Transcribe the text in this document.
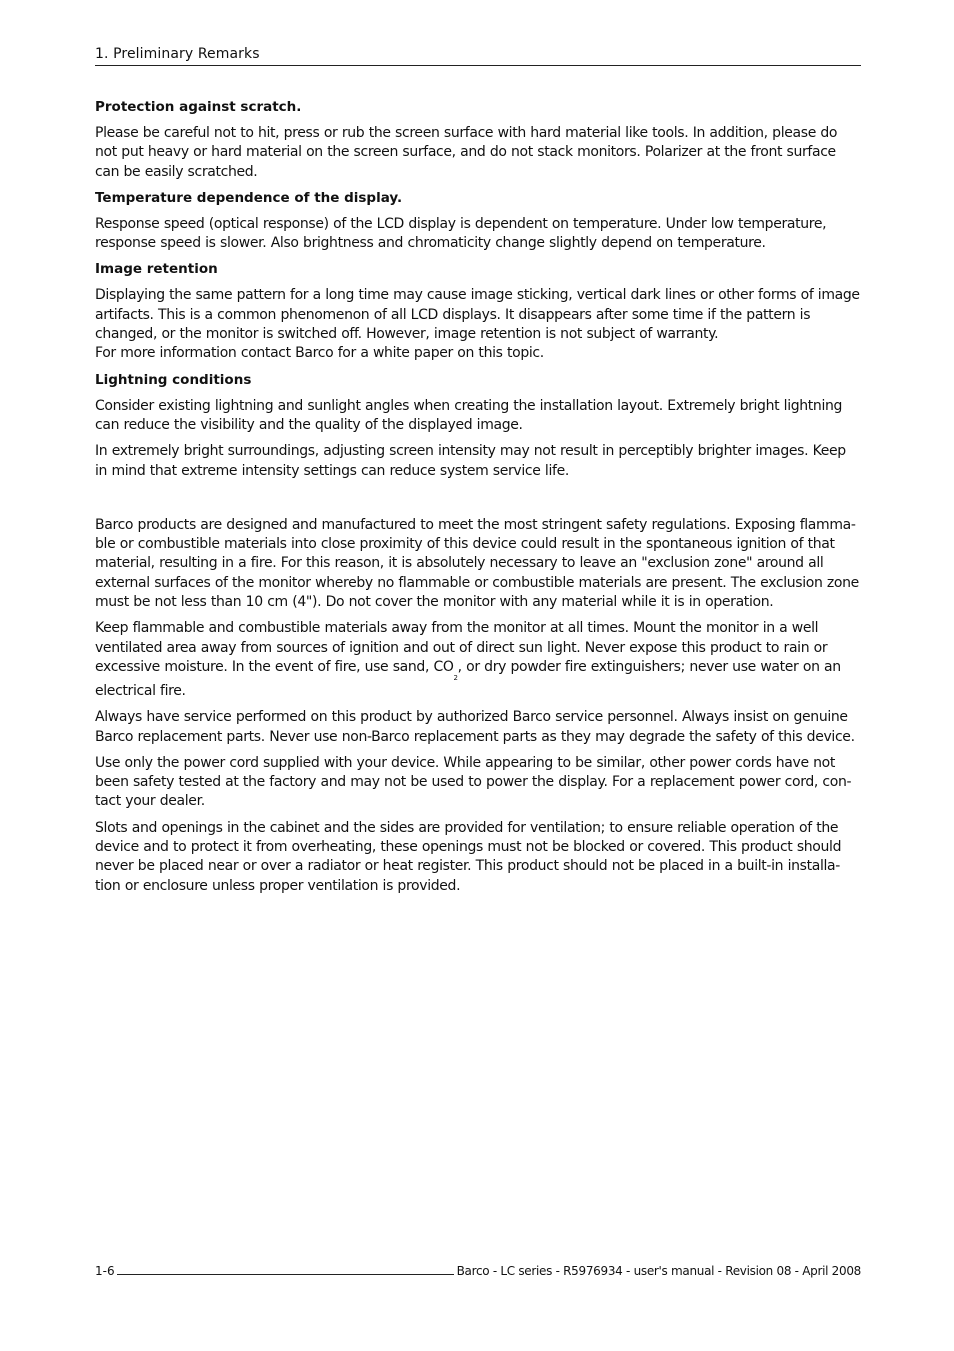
1. Preliminary Remarks
Protection against scratch.
Please be careful not to hit, press or rub the screen surface with hard material like tools. In addition, please do not put heavy or hard material on the screen surface, and do not stack monitors. Polarizer at the front surface can be easily scratched.
Temperature dependence of the display.
Response speed (optical response) of the LCD display is dependent on temperature. Under low temperature, response speed is slower. Also brightness and chromaticity change slightly depend on temperature.
Image retention
Displaying the same pattern for a long time may cause image sticking, vertical dark lines or other forms of image artifacts. This is a common phenomenon of all LCD displays. It disappears after some time if the pattern is changed, or the monitor is switched off. However, image retention is not subject of warranty.
For more information contact Barco for a white paper on this topic.
Lightning conditions
Consider existing lightning and sunlight angles when creating the installation layout. Extremely bright lightning can reduce the visibility and the quality of the displayed image.
In extremely bright surroundings, adjusting screen intensity may not result in perceptibly brighter images. Keep in mind that extreme intensity settings can reduce system service life.
Barco products are designed and manufactured to meet the most stringent safety regulations. Exposing flamma- ble or combustible materials into close proximity of this device could result in the spontaneous ignition of that material, resulting in a fire. For this reason, it is absolutely necessary to leave an "exclusion zone" around all external surfaces of the monitor whereby no flammable or combustible materials are present. The exclusion zone must be not less than 10 cm (4"). Do not cover the monitor with any material while it is in operation.
Keep flammable and combustible materials away from the monitor at all times. Mount the monitor in a well ventilated area away from sources of ignition and out of direct sun light. Never expose this product to rain or excessive moisture. In the event of fire, use sand, $CO_2$, or dry powder fire extinguishers; never use water on an
electrical fire.
Always have service performed on this product by authorized Barco service personnel. Always insist on genuine Barco replacement parts. Never use non-Barco replacement parts as they may degrade the safety of this device.
Use only the power cord supplied with your device. While appearing to be similar, other power cords have not been safety tested at the factory and may not be used to power the display. For a replacement power cord, con- tact your dealer.
Slots and openings in the cabinet and the sides are provided for ventilation; to ensure reliable operation of the device and to protect it from overheating, these openings must not be blocked or covered. This product should never be placed near or over a radiator or heat register. This product should not be placed in a built-in installa- tion or enclosure unless proper ventilation is provided.
1-6	Barco - LC series - R5976934 - user's manual - Revision 08 - April 2008
